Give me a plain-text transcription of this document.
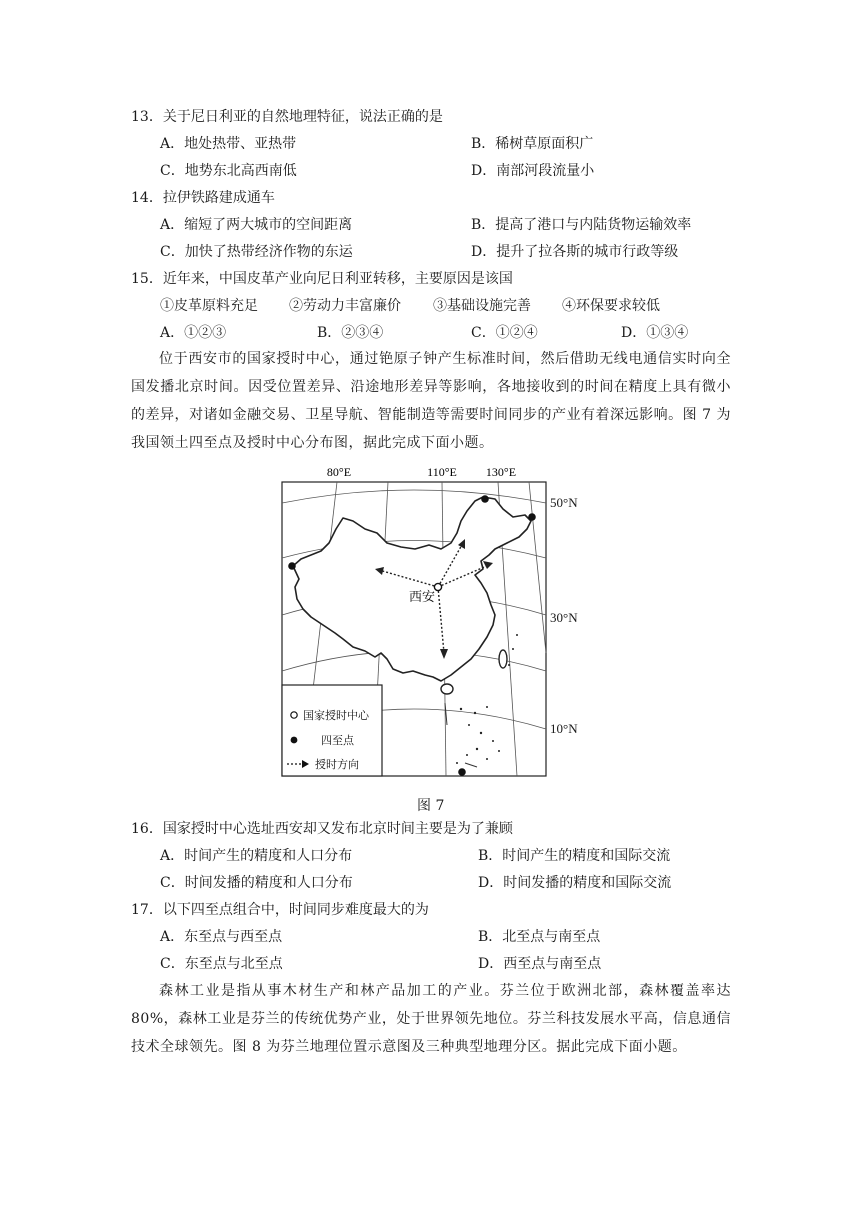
13．关于尼日利亚的自然地理特征，说法正确的是
A．地处热带、亚热带	B．稀树草原面积广
C．地势东北高西南低	D．南部河段流量小
14．拉伊铁路建成通车
A．缩短了两大城市的空间距离	B．提高了港口与内陆货物运输效率
C．加快了热带经济作物的东运	D．提升了拉各斯的城市行政等级
15．近年来，中国皮革产业向尼日利亚转移，主要原因是该国
①皮革原料充足 ②劳动力丰富廉价 ③基础设施完善 ④环保要求较低
A．①②③	B．②③④	C．①②④	D．①③④

位于西安市的国家授时中心，通过铯原子钟产生标准时间，然后借助无线电通信实时向全国发播北京时间。因受位置差异、沿途地形差异等影响，各地接收到的时间在精度上具有微小的差异，对诸如金融交易、卫星导航、智能制造等需要时间同步的产业有着深远影响。图 7 为我国领土四至点及授时中心分布图，据此完成下面小题。

80°E	110°E 130°E
西安
国家授时中心
四至点
授时方向
50°N
30°N
10°N
图 7
16．国家授时中心选址西安却又发布北京时间主要是为了兼顾
A．时间产生的精度和人口分布	B．时间产生的精度和国际交流
C．时间发播的精度和人口分布	D．时间发播的精度和国际交流
17．以下四至点组合中，时间同步难度最大的为
A．东至点与西至点	B．北至点与南至点
C．东至点与北至点	D．西至点与南至点

森林工业是指从事木材生产和林产品加工的产业。芬兰位于欧洲北部，森林覆盖率达 80%，森林工业是芬兰的传统优势产业，处于世界领先地位。芬兰科技发展水平高，信息通信技术全球领先。图 8 为芬兰地理位置示意图及三种典型地理分区。据此完成下面小题。
